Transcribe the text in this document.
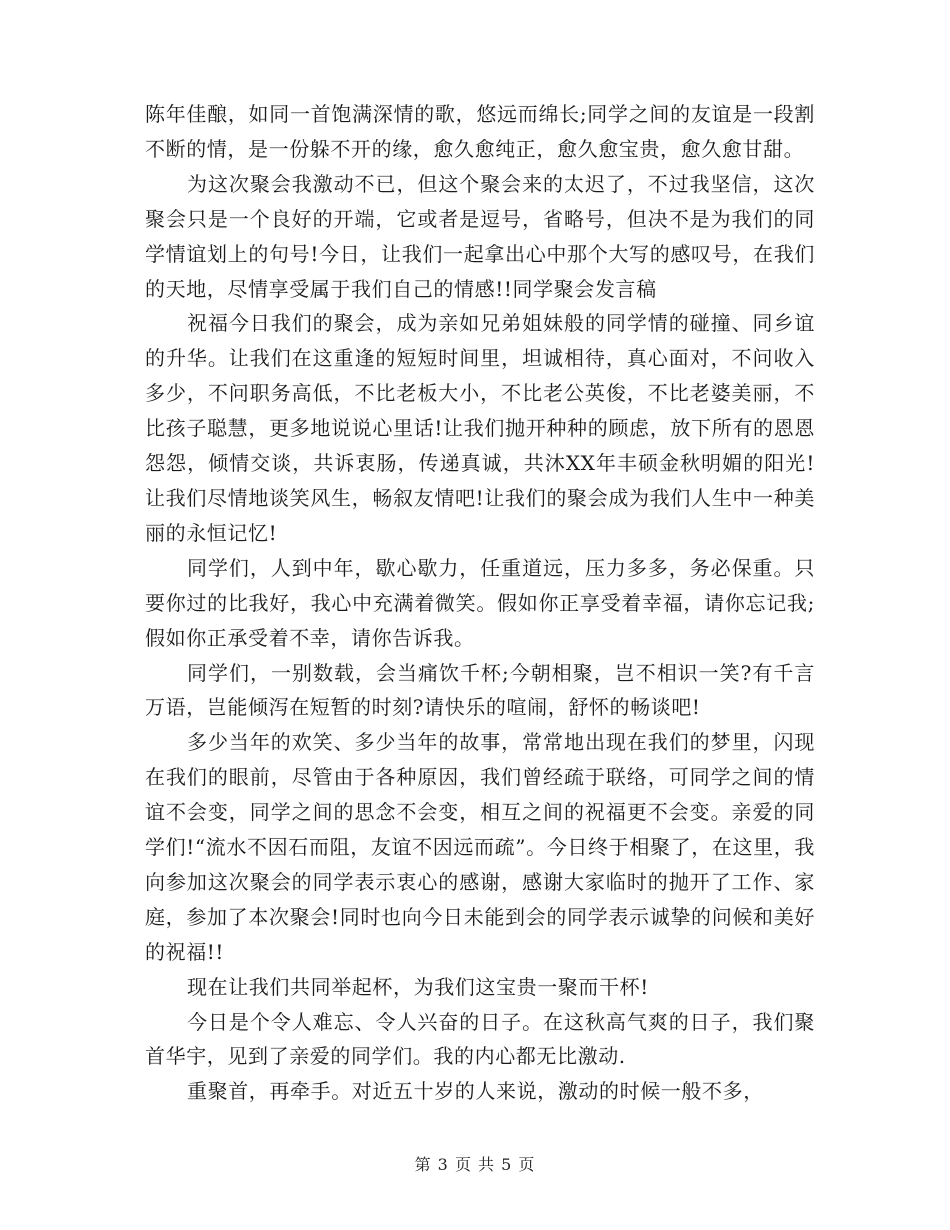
陈年佳酿，如同一首饱满深情的歌，悠远而绵长;同学之间的友谊是一段割不断的情，是一份躲不开的缘，愈久愈纯正，愈久愈宝贵，愈久愈甘甜。

为这次聚会我激动不已，但这个聚会来的太迟了，不过我坚信，这次聚会只是一个良好的开端，它或者是逗号，省略号，但决不是为我们的同学情谊划上的句号!今日，让我们一起拿出心中那个大写的感叹号，在我们的天地，尽情享受属于我们自己的情感!!同学聚会发言稿

祝福今日我们的聚会，成为亲如兄弟姐妹般的同学情的碰撞、同乡谊的升华。让我们在这重逢的短短时间里，坦诚相待，真心面对，不问收入多少，不问职务高低，不比老板大小，不比老公英俊，不比老婆美丽，不比孩子聪慧，更多地说说心里话!让我们抛开种种的顾虑，放下所有的恩恩怨怨，倾情交谈，共诉衷肠，传递真诚，共沐XX年丰硕金秋明媚的阳光!让我们尽情地谈笑风生，畅叙友情吧!让我们的聚会成为我们人生中一种美丽的永恒记忆!

同学们，人到中年，歇心歇力，任重道远，压力多多，务必保重。只要你过的比我好，我心中充满着微笑。假如你正享受着幸福，请你忘记我;假如你正承受着不幸，请你告诉我。

同学们，一别数载，会当痛饮千杯;今朝相聚，岂不相识一笑?有千言万语，岂能倾泻在短暂的时刻?请快乐的喧闹，舒怀的畅谈吧!

多少当年的欢笑、多少当年的故事，常常地出现在我们的梦里，闪现在我们的眼前，尽管由于各种原因，我们曾经疏于联络，可同学之间的情谊不会变，同学之间的思念不会变，相互之间的祝福更不会变。亲爱的同学们!“流水不因石而阻，友谊不因远而疏”。今日终于相聚了，在这里，我向参加这次聚会的同学表示衷心的感谢，感谢大家临时的抛开了工作、家庭，参加了本次聚会!同时也向今日未能到会的同学表示诚挚的问候和美好的祝福!!

现在让我们共同举起杯，为我们这宝贵一聚而干杯!

今日是个令人难忘、令人兴奋的日子。在这秋高气爽的日子，我们聚首华宇，见到了亲爱的同学们。我的内心都无比激动.

重聚首，再牵手。对近五十岁的人来说，激动的时候一般不多，

第 3 页 共 5 页
